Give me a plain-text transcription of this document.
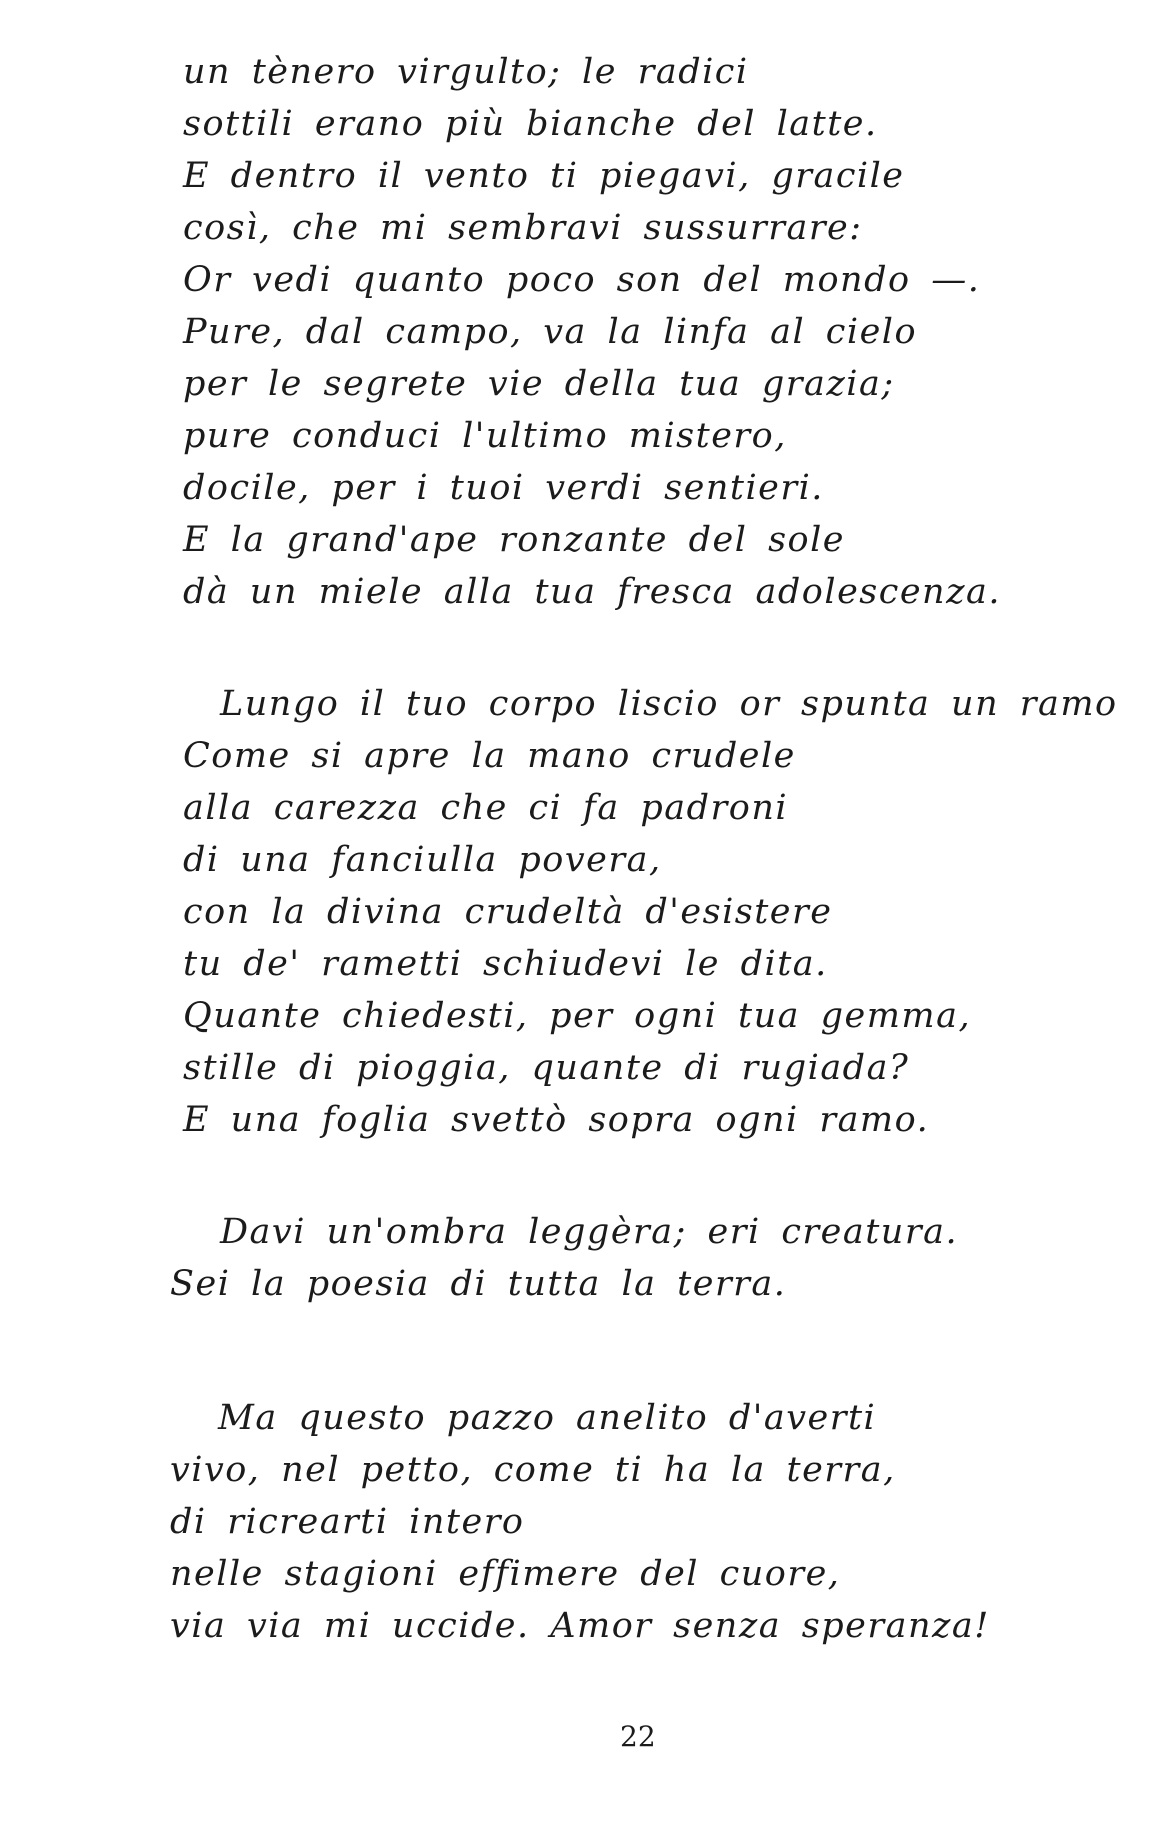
un tènero virgulto; le radici
sottili erano più bianche del latte.
E dentro il vento ti piegavi, gracile
così, che mi sembravi sussurrare:
Or vedi quanto poco son del mondo —.
Pure, dal campo, va la linfa al cielo
per le segrete vie della tua grazia;
pure conduci l'ultimo mistero,
docile, per i tuoi verdi sentieri.
E la grand'ape ronzante del sole
dà un miele alla tua fresca adolescenza.
Lungo il tuo corpo liscio or spunta un ramo
Come si apre la mano crudele
alla carezza che ci fa padroni
di una fanciulla povera,
con la divina crudeltà d'esistere
tu de' rametti schiudevi le dita.
Quante chiedesti, per ogni tua gemma,
stille di pioggia, quante di rugiada?
E una foglia svettò sopra ogni ramo.
Davi un'ombra leggèra; eri creatura.
Sei la poesia di tutta la terra.
Ma questo pazzo anelito d'averti
vivo, nel petto, come ti ha la terra,
di ricrearti intero
nelle stagioni effimere del cuore,
via via mi uccide. Amor senza speranza!
22
